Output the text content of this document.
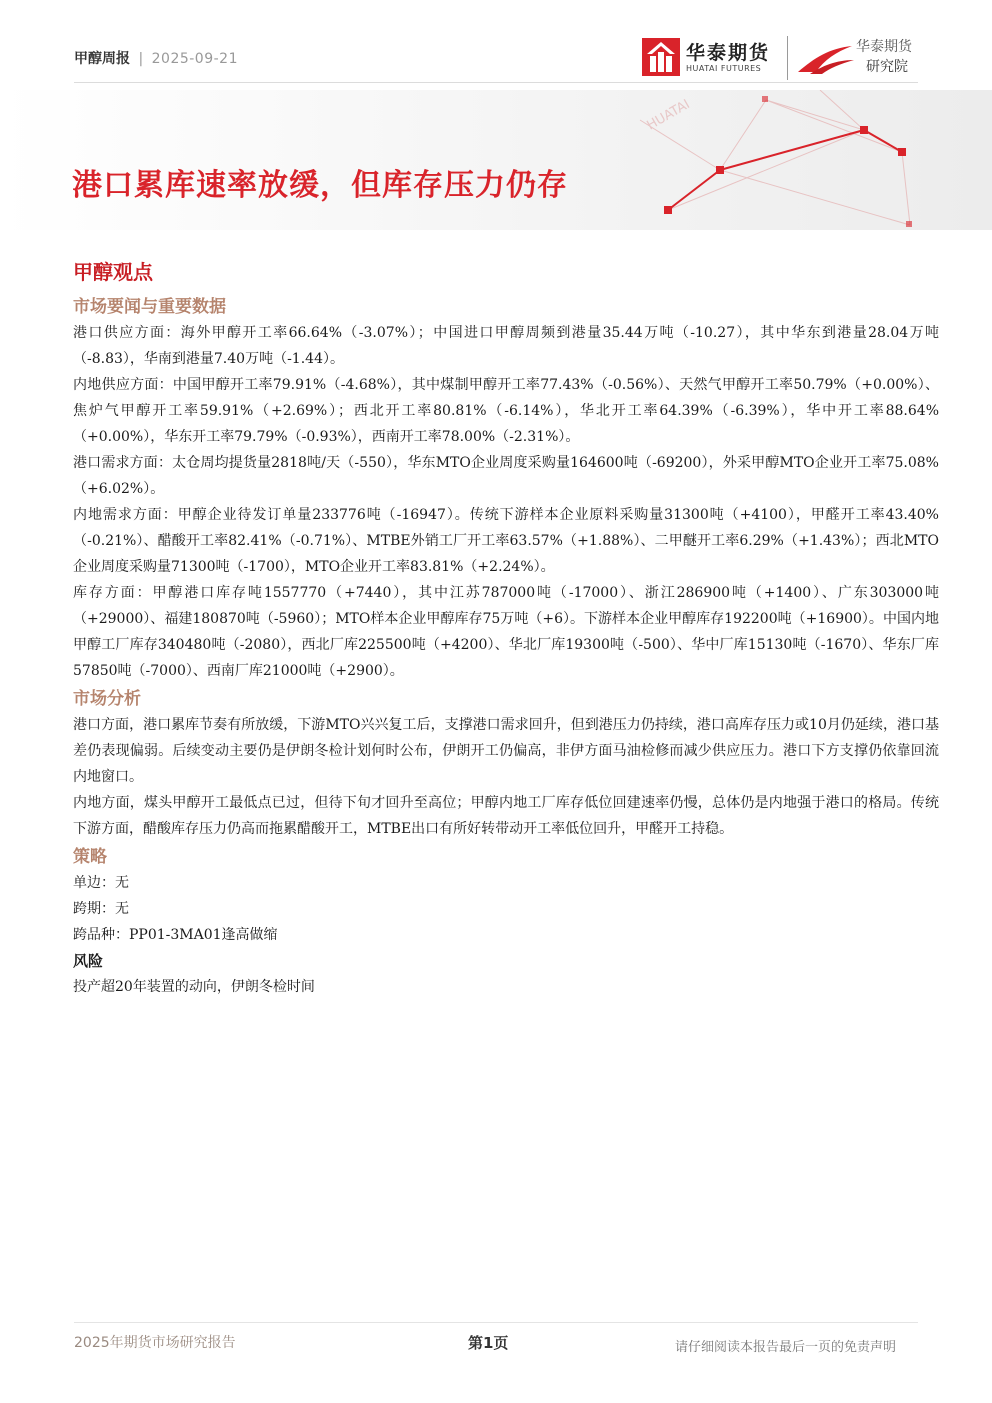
甲醇周报 | 2025-09-21	华泰期货
HUATAI FUTURES
华泰期货
研究院
HUATAI
港口累库速率放缓，但库存压力仍存
甲醇观点
市场要闻与重要数据

港口供应方面：海外甲醇开工率66.64%（-3.07%）；中国进口甲醇周频到港量35.44万吨（-10.27），其中华东到港量28.04万吨（-8.83），华南到港量7.40万吨（-1.44）。

内地供应方面：中国甲醇开工率79.91%（-4.68%），其中煤制甲醇开工率77.43%（-0.56%）、天然气甲醇开工率50.79%（+0.00%）、焦炉气甲醇开工率59.91%（+2.69%）；西北开工率80.81%（-6.14%），华北开工率64.39%（-6.39%），华中开工率88.64%（+0.00%），华东开工率79.79%（-0.93%），西南开工率78.00%（-2.31%）。

港口需求方面：太仓周均提货量2818吨/天（-550），华东MTO企业周度采购量164600吨（-69200），外采甲醇MTO企业开工率75.08%（+6.02%）。

内地需求方面：甲醇企业待发订单量233776吨（-16947）。传统下游样本企业原料采购量31300吨（+4100），甲醛开工率43.40%（-0.21%）、醋酸开工率82.41%（-0.71%）、MTBE外销工厂开工率63.57%（+1.88%）、二甲醚开工率6.29%（+1.43%）；西北MTO企业周度采购量71300吨（-1700），MTO企业开工率83.81%（+2.24%）。

库存方面：甲醇港口库存吨1557770（+7440），其中江苏787000吨（-17000）、浙江286900吨（+1400）、广东303000吨（+29000）、福建180870吨（-5960）；MTO样本企业甲醇库存75万吨（+6）。下游样本企业甲醇库存192200吨（+16900）。中国内地甲醇工厂库存340480吨（-2080），西北厂库225500吨（+4200）、华北厂库19300吨（-500）、华中厂库15130吨（-1670）、华东厂库57850吨（-7000）、西南厂库21000吨（+2900）。

市场分析

港口方面，港口累库节奏有所放缓，下游MTO兴兴复工后，支撑港口需求回升，但到港压力仍持续，港口高库存压力或10月仍延续，港口基差仍表现偏弱。后续变动主要仍是伊朗冬检计划何时公布，伊朗开工仍偏高，非伊方面马油检修而减少供应压力。港口下方支撑仍依靠回流内地窗口。

内地方面，煤头甲醇开工最低点已过，但待下旬才回升至高位；甲醇内地工厂库存低位回建速率仍慢，总体仍是内地强于港口的格局。传统下游方面，醋酸库存压力仍高而拖累醋酸开工，MTBE出口有所好转带动开工率低位回升，甲醛开工持稳。

策略
单边：无
跨期：无
跨品种：PP01-3MA01逢高做缩
风险
投产超20年装置的动向，伊朗冬检时间
2025年期货市场研究报告	第1页	请仔细阅读本报告最后一页的免责声明
